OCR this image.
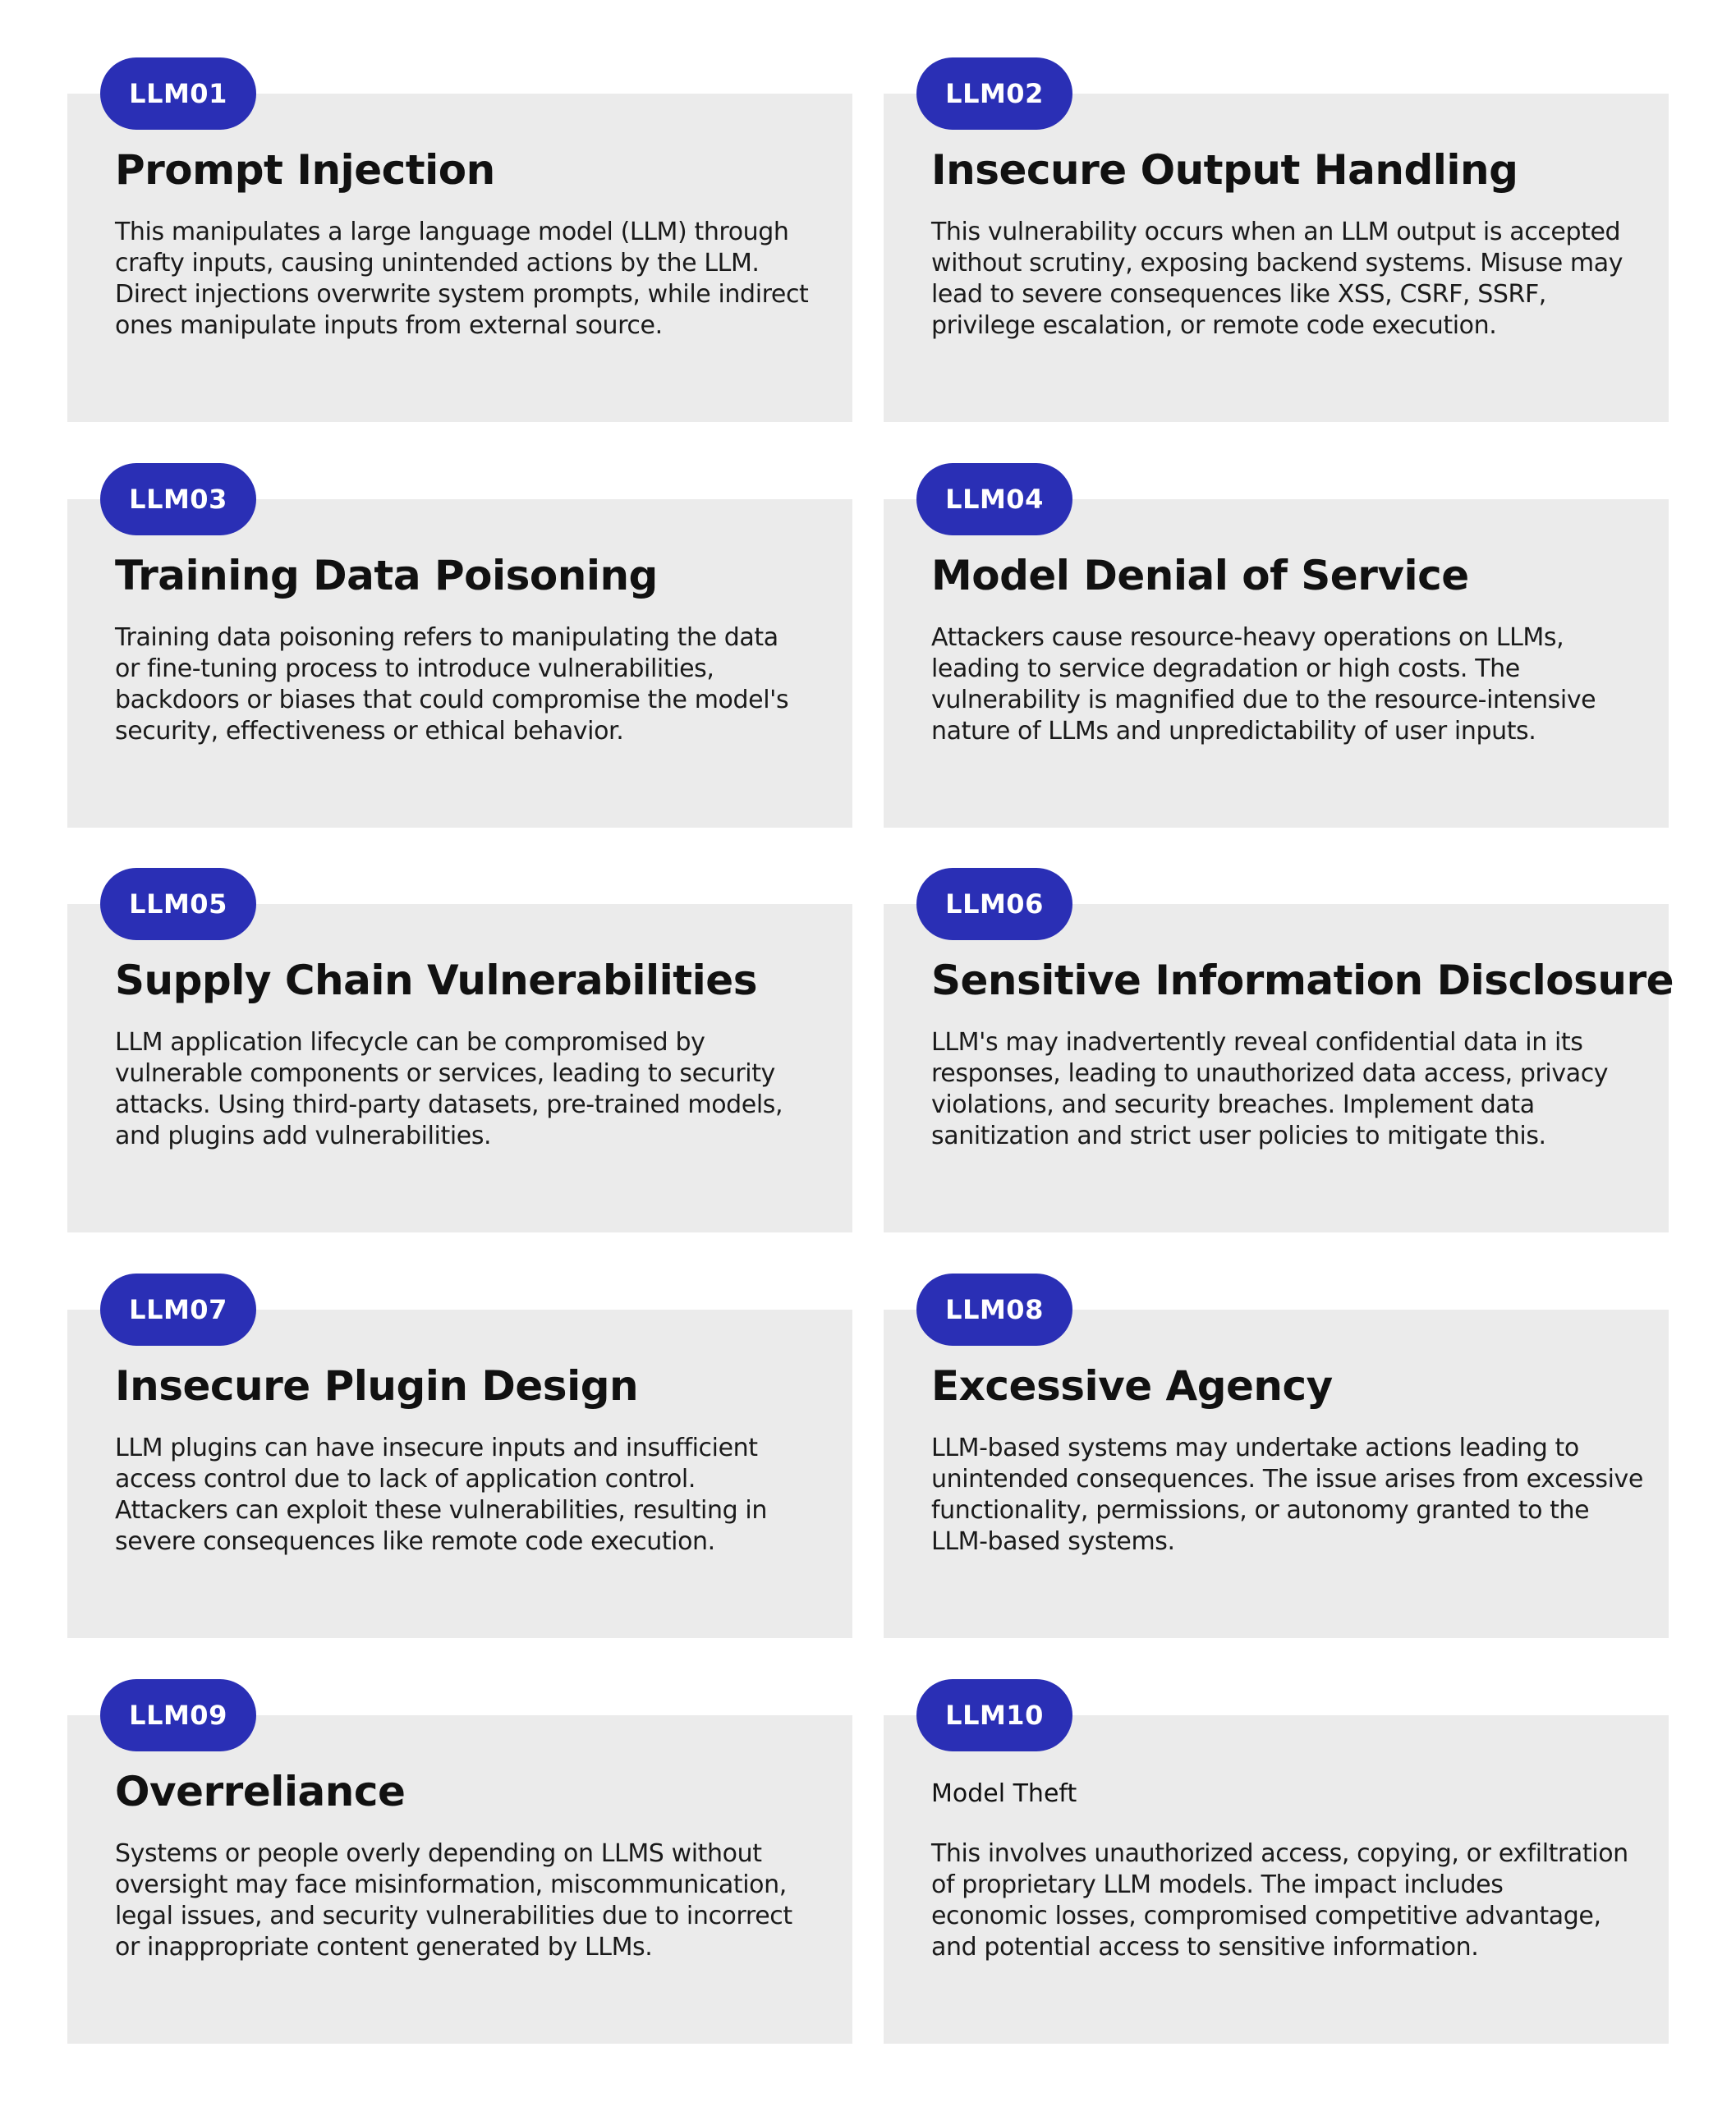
LLM01
Prompt Injection

This manipulates a large language model (LLM) through
crafty inputs, causing unintended actions by the LLM.
Direct injections overwrite system prompts, while indirect
ones manipulate inputs from external source.

LLM02
Insecure Output Handling

This vulnerability occurs when an LLM output is accepted
without scrutiny, exposing backend systems. Misuse may
lead to severe consequences like XSS, CSRF, SSRF,
privilege escalation, or remote code execution.

LLM03
Training Data Poisoning

Training data poisoning refers to manipulating the data
or fine-tuning process to introduce vulnerabilities,
backdoors or biases that could compromise the model's
security, effectiveness or ethical behavior.

LLM04
Model Denial of Service

Attackers cause resource-heavy operations on LLMs,
leading to service degradation or high costs. The
vulnerability is magnified due to the resource-intensive
nature of LLMs and unpredictability of user inputs.

LLM05
Supply Chain Vulnerabilities

LLM application lifecycle can be compromised by
vulnerable components or services, leading to security
attacks. Using third-party datasets, pre-trained models,
and plugins add vulnerabilities.

LLM06
Sensitive Information Disclosure

LLM's may inadvertently reveal confidential data in its
responses, leading to unauthorized data access, privacy
violations, and security breaches. Implement data
sanitization and strict user policies to mitigate this.

LLM07
Insecure Plugin Design

LLM plugins can have insecure inputs and insufficient
access control due to lack of application control.
Attackers can exploit these vulnerabilities, resulting in
severe consequences like remote code execution.

LLM08
Excessive Agency

LLM-based systems may undertake actions leading to
unintended consequences. The issue arises from excessive
functionality, permissions, or autonomy granted to the
LLM-based systems.

LLM09
Overreliance

Systems or people overly depending on LLMS without
oversight may face misinformation, miscommunication,
legal issues, and security vulnerabilities due to incorrect
or inappropriate content generated by LLMs.

LLM10
Model Theft

This involves unauthorized access, copying, or exfiltration
of proprietary LLM models. The impact includes
economic losses, compromised competitive advantage,
and potential access to sensitive information.
